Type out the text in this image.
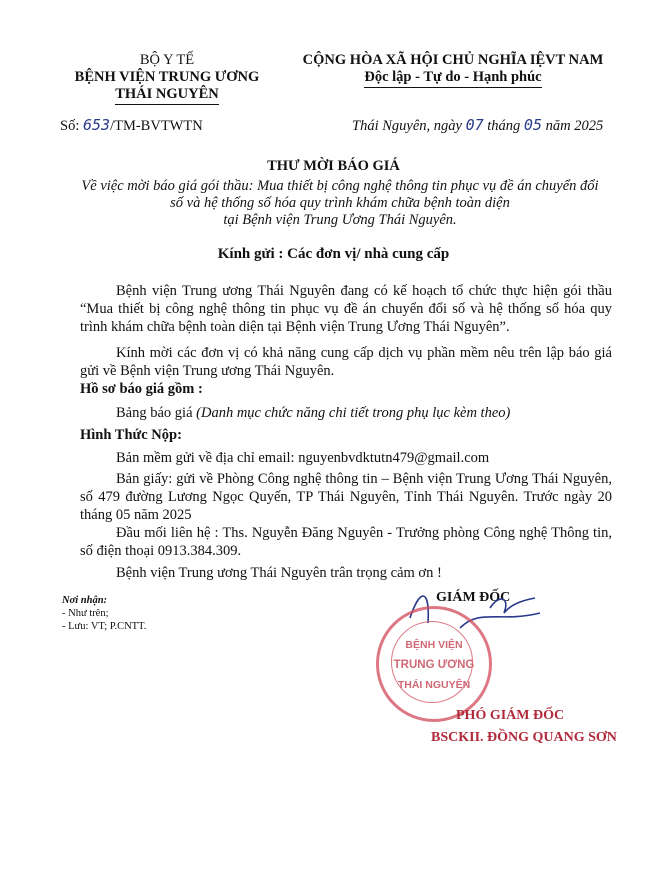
BỘ Y TẾ
BỆNH VIỆN TRUNG ƯƠNG
THÁI NGUYÊN
CỘNG HÒA XÃ HỘI CHỦ NGHĨA IỆVT NAM
Độc lập - Tự do - Hạnh phúc
Số: 653/TM-BVTWTN	Thái Nguyên, ngày 07 tháng 05 năm 2025
THƯ MỜI BÁO GIÁ
Về việc mời báo giá gói thầu: Mua thiết bị công nghệ thông tin phục vụ đề án chuyển đổi
số và hệ thống số hóa quy trình khám chữa bệnh toàn diện
tại Bệnh viện Trung Ương Thái Nguyên.
Kính gửi : Các đơn vị/ nhà cung cấp
Bệnh viện Trung ương Thái Nguyên đang có kế hoạch tổ chức thực hiện gói thầu “Mua thiết bị công nghệ thông tin phục vụ đề án chuyển đổi số và hệ thống số hóa quy trình khám chữa bệnh toàn diện tại Bệnh viện Trung Ương Thái Nguyên”.
Kính mời các đơn vị có khả năng cung cấp dịch vụ phần mềm nêu trên lập báo giá gửi về Bệnh viện Trung ương Thái Nguyên.
Hồ sơ báo giá gồm :
Bảng báo giá (Danh mục chức năng chi tiết trong phụ lục kèm theo)
Hình Thức Nộp:
Bản mềm gửi về địa chỉ email: nguyenbvdktutn479@gmail.com
Bản giấy: gửi về Phòng Công nghệ thông tin – Bệnh viện Trung Ương Thái Nguyên, số 479 đường Lương Ngọc Quyến, TP Thái Nguyên, Tỉnh Thái Nguyên. Trước ngày 20 tháng 05 năm 2025
Đầu mối liên hệ : Ths. Nguyễn Đăng Nguyên - Trưởng phòng Công nghệ Thông tin, số điện thoại 0913.384.309.
Bệnh viện Trung ương Thái Nguyên trân trọng cảm ơn !
Nơi nhận:
- Như trên;
- Lưu: VT; P.CNTT.
GIÁM ĐỐC
BỆNH VIỆN
TRUNG ƯƠNG
THÁI NGUYÊN
PHÓ GIÁM ĐỐC
BSCKII. ĐỒNG QUANG SƠN
